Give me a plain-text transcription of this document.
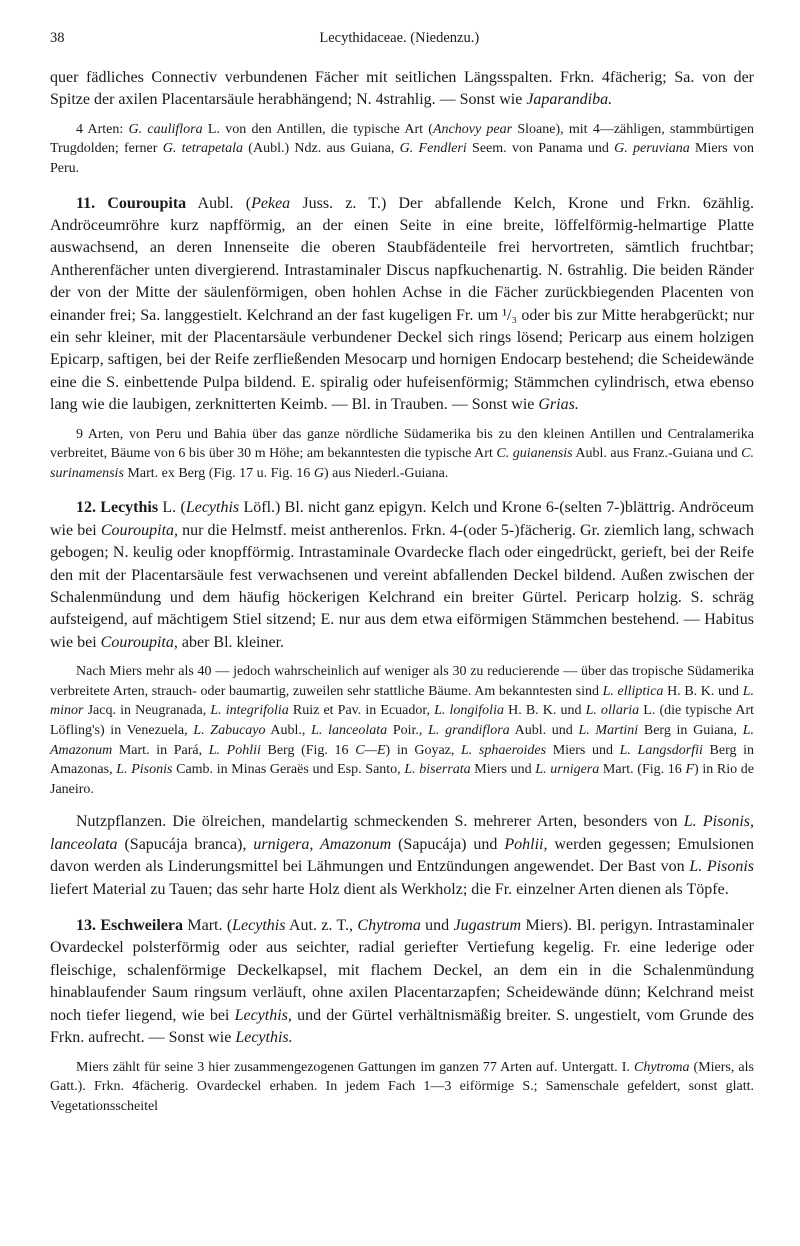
38	Lecythidaceae. (Niedenzu.)

quer fädliches Connectiv verbundenen Fächer mit seitlichen Längsspalten. Frkn. 4fächerig; Sa. von der Spitze der axilen Placentarsäule herabhängend; N. 4strahlig. — Sonst wie Japarandiba.

4 Arten: G. cauliflora L. von den Antillen, die typische Art (Anchovy pear Sloane), mit 4—zähligen, stammbürtigen Trugdolden; ferner G. tetrapetala (Aubl.) Ndz. aus Guiana, G. Fendleri Seem. von Panama und G. peruviana Miers von Peru.

11. Couroupita Aubl. (Pekea Juss. z. T.) Der abfallende Kelch, Krone und Frkn. 6zählig. Andröceumröhre kurz napfförmig, an der einen Seite in eine breite, löffelförmig-helmartige Platte auswachsend, an deren Innenseite die oberen Staubfädenteile frei hervortreten, sämtlich fruchtbar; Antherenfächer unten divergierend. Intrastaminaler Discus napfkuchenartig. N. 6strahlig. Die beiden Ränder der von der Mitte der säulenförmigen, oben hohlen Achse in die Fächer zurückbiegenden Placenten von einander frei; Sa. langgestielt. Kelchrand an der fast kugeligen Fr. um ¹/₃ oder bis zur Mitte herabgerückt; nur ein sehr kleiner, mit der Placentarsäule verbundener Deckel sich rings lösend; Pericarp aus einem holzigen Epicarp, saftigen, bei der Reife zerfließenden Mesocarp und hornigen Endocarp bestehend; die Scheidewände eine die S. einbettende Pulpa bildend. E. spiralig oder hufeisenförmig; Stämmchen cylindrisch, etwa ebenso lang wie die laubigen, zerknitterten Keimb. — Bl. in Trauben. — Sonst wie Grias.

9 Arten, von Peru und Bahia über das ganze nördliche Südamerika bis zu den kleinen Antillen und Centralamerika verbreitet, Bäume von 6 bis über 30 m Höhe; am bekanntesten die typische Art C. guianensis Aubl. aus Franz.-Guiana und C. surinamensis Mart. ex Berg (Fig. 17 u. Fig. 16 G) aus Niederl.-Guiana.

12. Lecythis L. (Lecythis Löfl.) Bl. nicht ganz epigyn. Kelch und Krone 6-(selten 7-)blättrig. Andröceum wie bei Couroupita, nur die Helmstf. meist antherenlos. Frkn. 4-(oder 5-)fächerig. Gr. ziemlich lang, schwach gebogen; N. keulig oder knopfförmig. Intrastaminale Ovardecke flach oder eingedrückt, gerieft, bei der Reife den mit der Placentarsäule fest verwachsenen und vereint abfallenden Deckel bildend. Außen zwischen der Schalenmündung und dem häufig höckerigen Kelchrand ein breiter Gürtel. Pericarp holzig. S. schräg aufsteigend, auf mächtigem Stiel sitzend; E. nur aus dem etwa eiförmigen Stämmchen bestehend. — Habitus wie bei Couroupita, aber Bl. kleiner.

Nach Miers mehr als 40 — jedoch wahrscheinlich auf weniger als 30 zu reducierende — über das tropische Südamerika verbreitete Arten, strauch- oder baumartig, zuweilen sehr stattliche Bäume. Am bekanntesten sind L. elliptica H. B. K. und L. minor Jacq. in Neugranada, L. integrifolia Ruiz et Pav. in Ecuador, L. longifolia H. B. K. und L. ollaria L. (die typische Art Löfling's) in Venezuela, L. Zabucayo Aubl., L. lanceolata Poir., L. grandiflora Aubl. und L. Martini Berg in Guiana, L. Amazonum Mart. in Pará, L. Pohlii Berg (Fig. 16 C—E) in Goyaz, L. sphaeroides Miers und L. Langsdorfii Berg in Amazonas, L. Pisonis Camb. in Minas Geraës und Esp. Santo, L. biserrata Miers und L. urnigera Mart. (Fig. 16 F) in Rio de Janeiro.

Nutzpflanzen. Die ölreichen, mandelartig schmeckenden S. mehrerer Arten, besonders von L. Pisonis, lanceolata (Sapucája branca), urnigera, Amazonum (Sapucája) und Pohlii, werden gegessen; Emulsionen davon werden als Linderungsmittel bei Lähmungen und Entzündungen angewendet. Der Bast von L. Pisonis liefert Material zu Tauen; das sehr harte Holz dient als Werkholz; die Fr. einzelner Arten dienen als Töpfe.

13. Eschweilera Mart. (Lecythis Aut. z. T., Chytroma und Jugastrum Miers). Bl. perigyn. Intrastaminaler Ovardeckel polsterförmig oder aus seichter, radial geriefter Vertiefung kegelig. Fr. eine lederige oder fleischige, schalenförmige Deckelkapsel, mit flachem Deckel, an dem ein in die Schalenmündung hinablaufender Saum ringsum verläuft, ohne axilen Placentarzapfen; Scheidewände dünn; Kelchrand meist noch tiefer liegend, wie bei Lecythis, und der Gürtel verhältnismäßig breiter. S. ungestielt, vom Grunde des Frkn. aufrecht. — Sonst wie Lecythis.

Miers zählt für seine 3 hier zusammengezogenen Gattungen im ganzen 77 Arten auf. Untergatt. I. Chytroma (Miers, als Gatt.). Frkn. 4fächerig. Ovardeckel erhaben. In jedem Fach 1—3 eiförmige S.; Samenschale gefeldert, sonst glatt. Vegetationsscheitel
